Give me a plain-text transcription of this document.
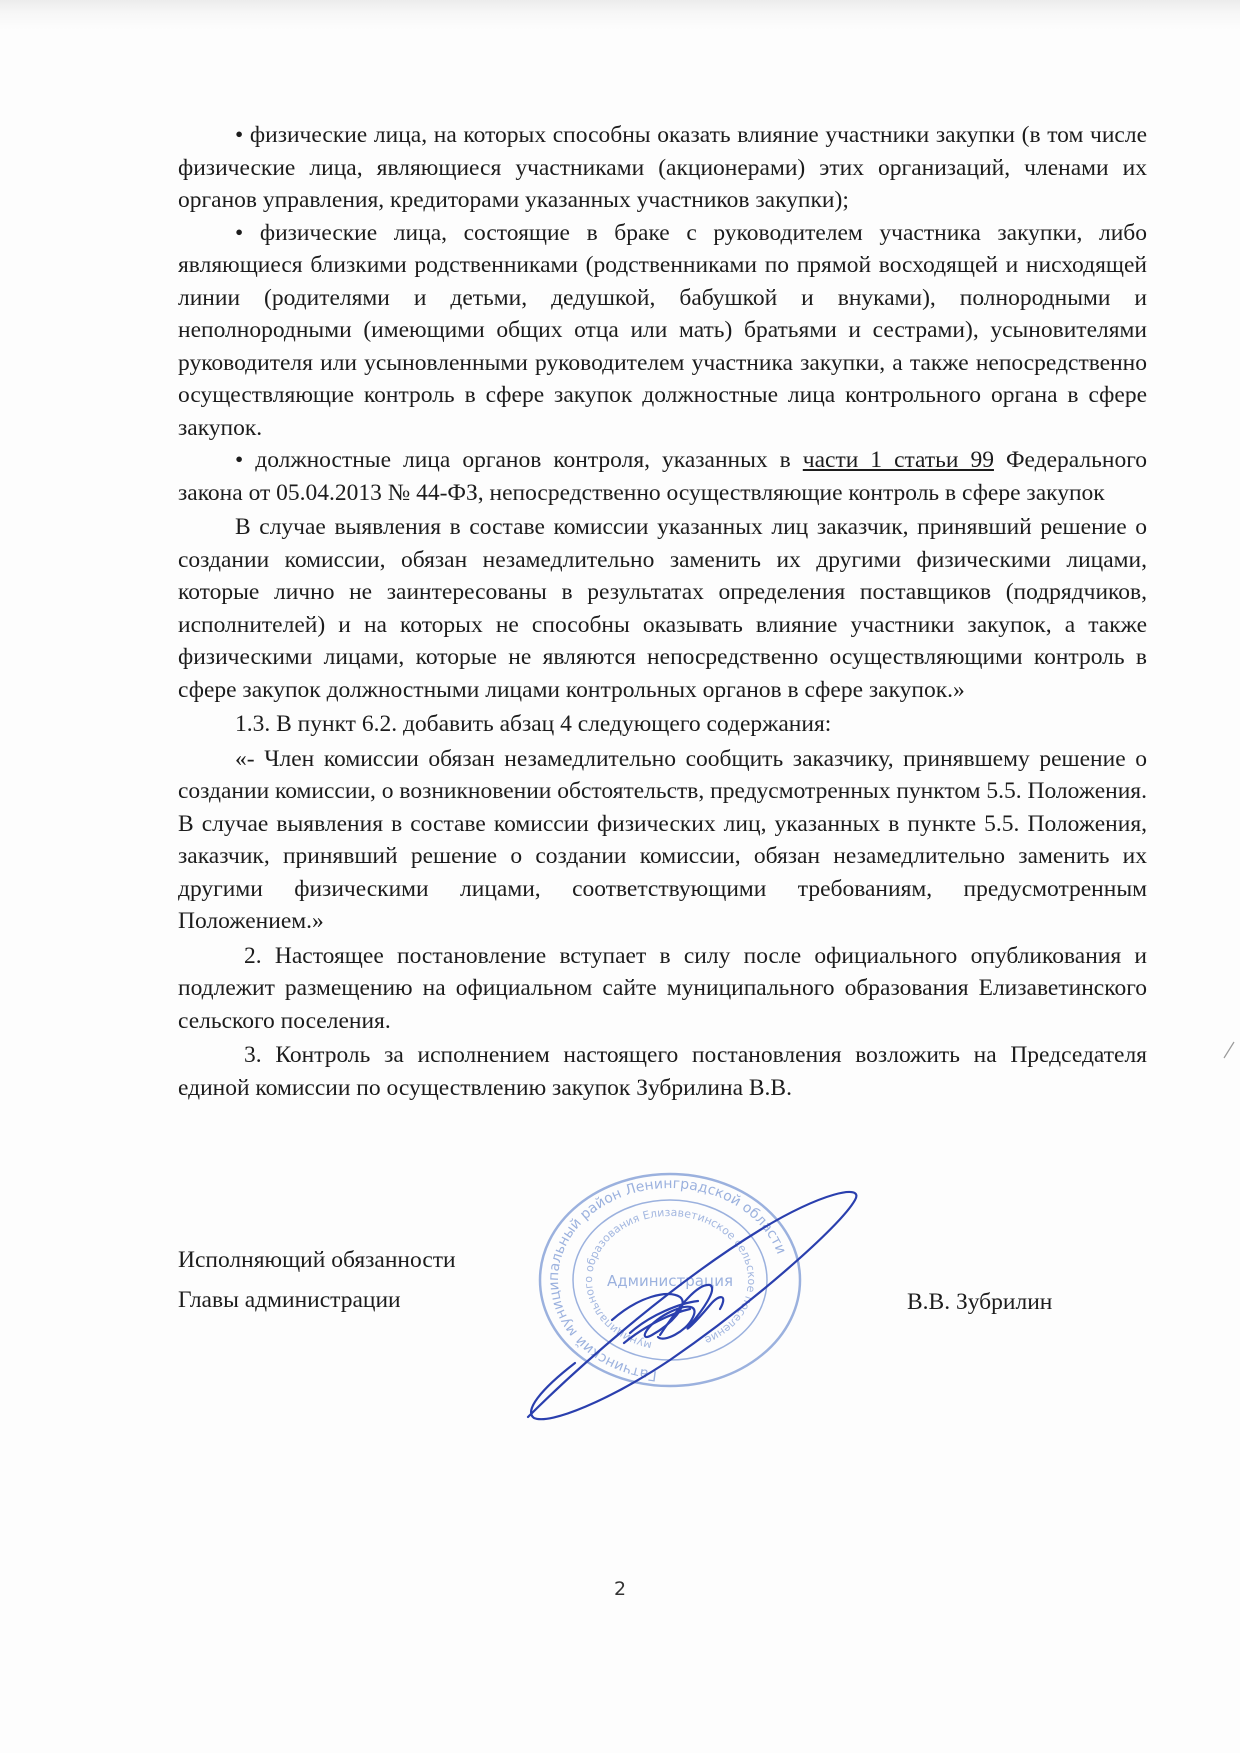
• физические лица, на которых способны оказать влияние участники закупки (в том числе физические лица, являющиеся участниками (акционерами) этих организаций, членами их органов управления, кредиторами указанных участников закупки);

• физические лица, состоящие в браке с руководителем участника закупки, либо являющиеся близкими родственниками (родственниками по прямой восходящей и нисходящей линии (родителями и детьми, дедушкой, бабушкой и внуками), полнородными и неполнородными (имеющими общих отца или мать) братьями и сестрами), усыновителями руководителя или усыновленными руководителем участника закупки, а также непосредственно осуществляющие контроль в сфере закупок должностные лица контрольного органа в сфере закупок.

• должностные лица органов контроля, указанных в части 1 статьи 99 Федерального закона от 05.04.2013 № 44-ФЗ, непосредственно осуществляющие контроль в сфере закупок

В случае выявления в составе комиссии указанных лиц заказчик, принявший решение о создании комиссии, обязан незамедлительно заменить их другими физическими лицами, которые лично не заинтересованы в результатах определения поставщиков (подрядчиков, исполнителей) и на которых не способны оказывать влияние участники закупок, а также физическими лицами, которые не являются непосредственно осуществляющими контроль в сфере закупок должностными лицами контрольных органов в сфере закупок.»

1.3. В пункт 6.2. добавить абзац 4 следующего содержания:

«- Член комиссии обязан незамедлительно сообщить заказчику, принявшему решение о создании комиссии, о возникновении обстоятельств, предусмотренных пунктом 5.5. Положения. В случае выявления в составе комиссии физических лиц, указанных в пункте 5.5. Положения, заказчик, принявший решение о создании комиссии, обязан незамедлительно заменить их другими физическими лицами, соответствующими требованиям, предусмотренным Положением.»

2. Настоящее постановление вступает в силу после официального опубликования и подлежит размещению на официальном сайте муниципального образования Елизаветинского сельского поселения.

3. Контроль за исполнением настоящего постановления возложить на Председателя единой комиссии по осуществлению закупок Зубрилина В.В.

Исполняющий обязанности
Главы администрации	В.В. Зубрилин
Гатчинский муниципальный район Ленинградской области
муниципального образования Елизаветинское сельское поселение
Администрация
2
